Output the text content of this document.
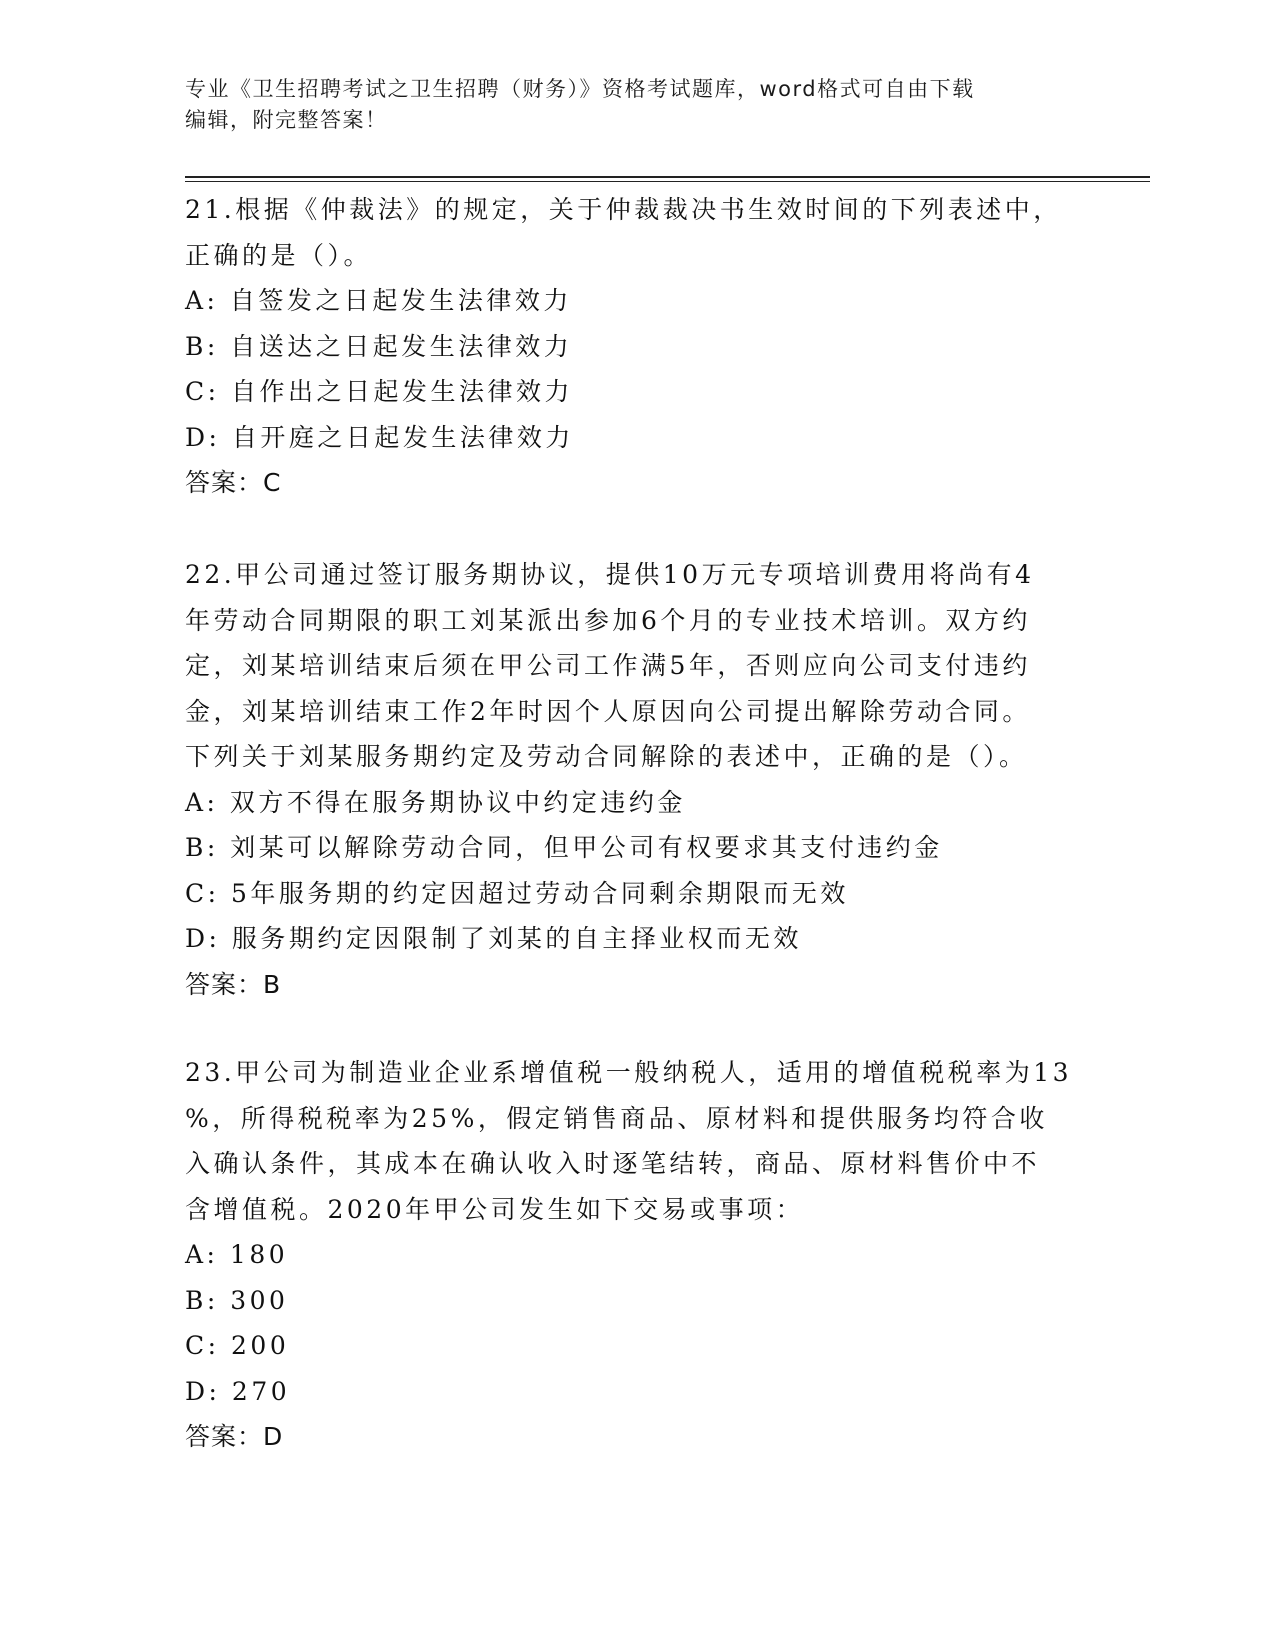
专业《卫生招聘考试之卫生招聘（财务）》资格考试题库，word格式可自由下载
编辑，附完整答案！
21.根据《仲裁法》的规定，关于仲裁裁决书生效时间的下列表述中，
正确的是（）。
A: 自签发之日起发生法律效力
B: 自送达之日起发生法律效力
C: 自作出之日起发生法律效力
D: 自开庭之日起发生法律效力
答案：C
22.甲公司通过签订服务期协议，提供10万元专项培训费用将尚有4
年劳动合同期限的职工刘某派出参加6个月的专业技术培训。双方约
定，刘某培训结束后须在甲公司工作满5年，否则应向公司支付违约
金，刘某培训结束工作2年时因个人原因向公司提出解除劳动合同。
下列关于刘某服务期约定及劳动合同解除的表述中，正确的是（）。
A: 双方不得在服务期协议中约定违约金
B: 刘某可以解除劳动合同，但甲公司有权要求其支付违约金
C: 5年服务期的约定因超过劳动合同剩余期限而无效
D: 服务期约定因限制了刘某的自主择业权而无效
答案：B
23.甲公司为制造业企业系增值税一般纳税人，适用的增值税税率为13
%，所得税税率为25%，假定销售商品、原材料和提供服务均符合收
入确认条件，其成本在确认收入时逐笔结转，商品、原材料售价中不
含增值税。2020年甲公司发生如下交易或事项：
A: 180
B: 300
C: 200
D: 270
答案：D
